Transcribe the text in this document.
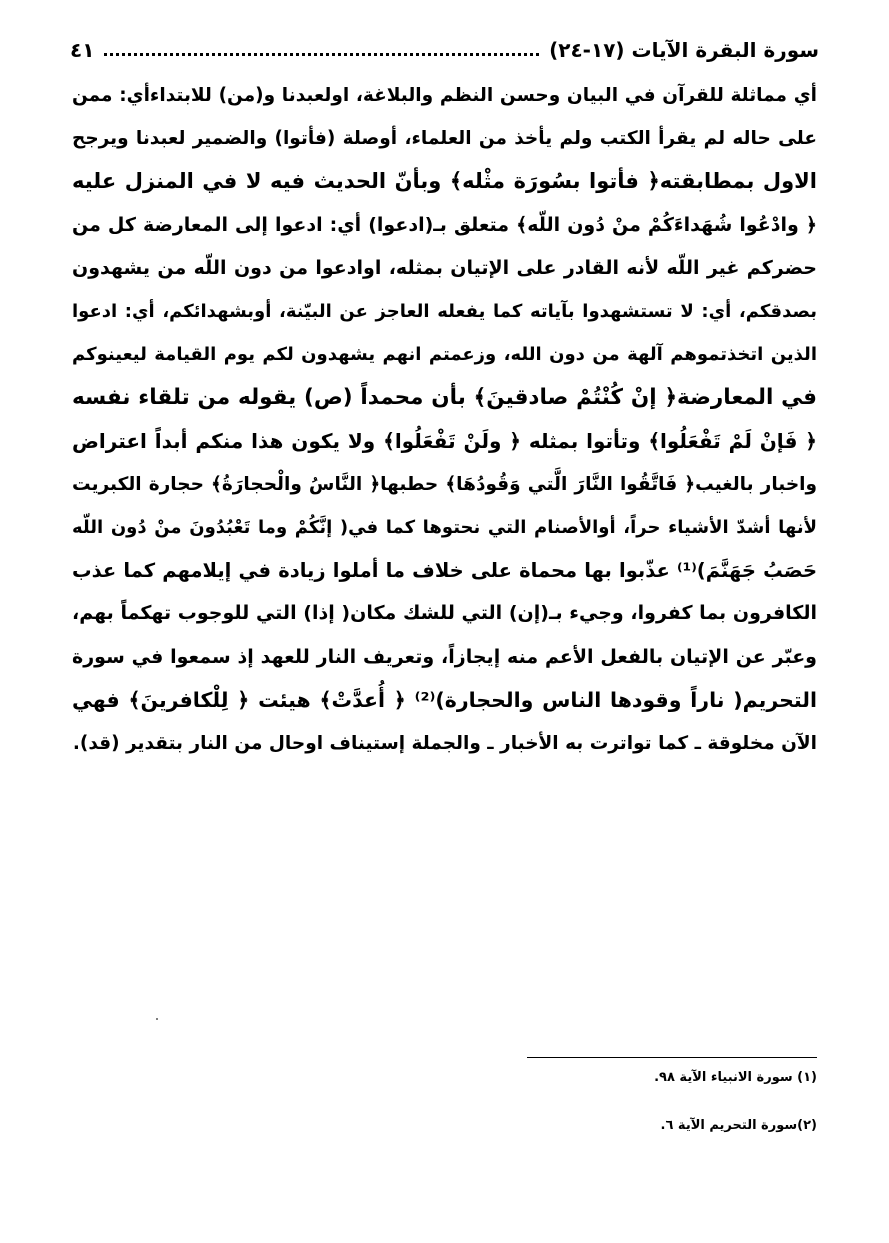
سورة البقرة الآيات (١٧-٢٤)
٤١
أي مماثلة للقرآن في البيان وحسن النظم والبلاغة، اولعبدنا و(من) للابتداءأي: ممن
على حاله لم يقرأ الكتب ولم يأخذ من العلماء، أوصلة (فأتوا) والضمير لعبدنا ويرجح
الاول بمطابقته﴿ فأتوا بسُورَة مثْله﴾ وبأنّ الحديث فيه لا في المنزل عليه
﴿ وادْعُوا شُهَداءَكُمْ منْ دُون اللّه﴾ متعلق بـ(ادعوا) أي: ادعوا إلى المعارضة كل من
حضركم غير اللّه لأنه القادر على الإتيان بمثله، اوادعوا من دون اللّه من يشهدون
بصدقكم، أي: لا تستشهدوا بآياته كما يفعله العاجز عن البيّنة، أوبشهدائكم، أي: ادعوا
الذين اتخذتموهم آلهة من دون الله، وزعمتم انهم يشهدون لكم يوم القيامة ليعينوكم
في المعارضة﴿ إنْ كُنْتُمْ صادقينَ﴾ بأن محمداً (ص) يقوله من تلقاء نفسه
﴿ فَإنْ لَمْ تَفْعَلُوا﴾ وتأتوا بمثله ﴿ ولَنْ تَفْعَلُوا﴾ ولا يكون هذا منكم أبداً اعتراض
واخبار بالغيب﴿ فَاتَّقُوا النَّارَ الَّتي وَقُودُهَا﴾ حطبها﴿ النَّاسُ والْحجارَةُ﴾ حجارة الكبريت
لأنها أشدّ الأشياء حراً، أوالأصنام التي نحتوها كما في( إنَّكُمْ وما تَعْبُدُونَ منْ دُون اللّه
حَصَبُ جَهَنَّمَ)⁽¹⁾ عذّبوا بها محماة على خلاف ما أملوا زيادة في إيلامهم كما عذب
الكافرون بما كفروا، وجيء بـ(إن) التي للشك مكان( إذا) التي للوجوب تهكماً بهم،
وعبّر عن الإتيان بالفعل الأعم منه إيجازاً، وتعريف النار للعهد إذ سمعوا في سورة
التحريم( ناراً وقودها الناس والحجارة)⁽²⁾ ﴿ أُعدَّتْ﴾ هيئت ﴿ لِلْكافرينَ﴾ فهي
الآن مخلوقة ـ كما تواترت به الأخبار ـ والجملة إستيناف اوحال من النار بتقدير (قد).
(١) سورة الانبياء الآية ٩٨.
(٢)سورة التحريم الآية ٦.
